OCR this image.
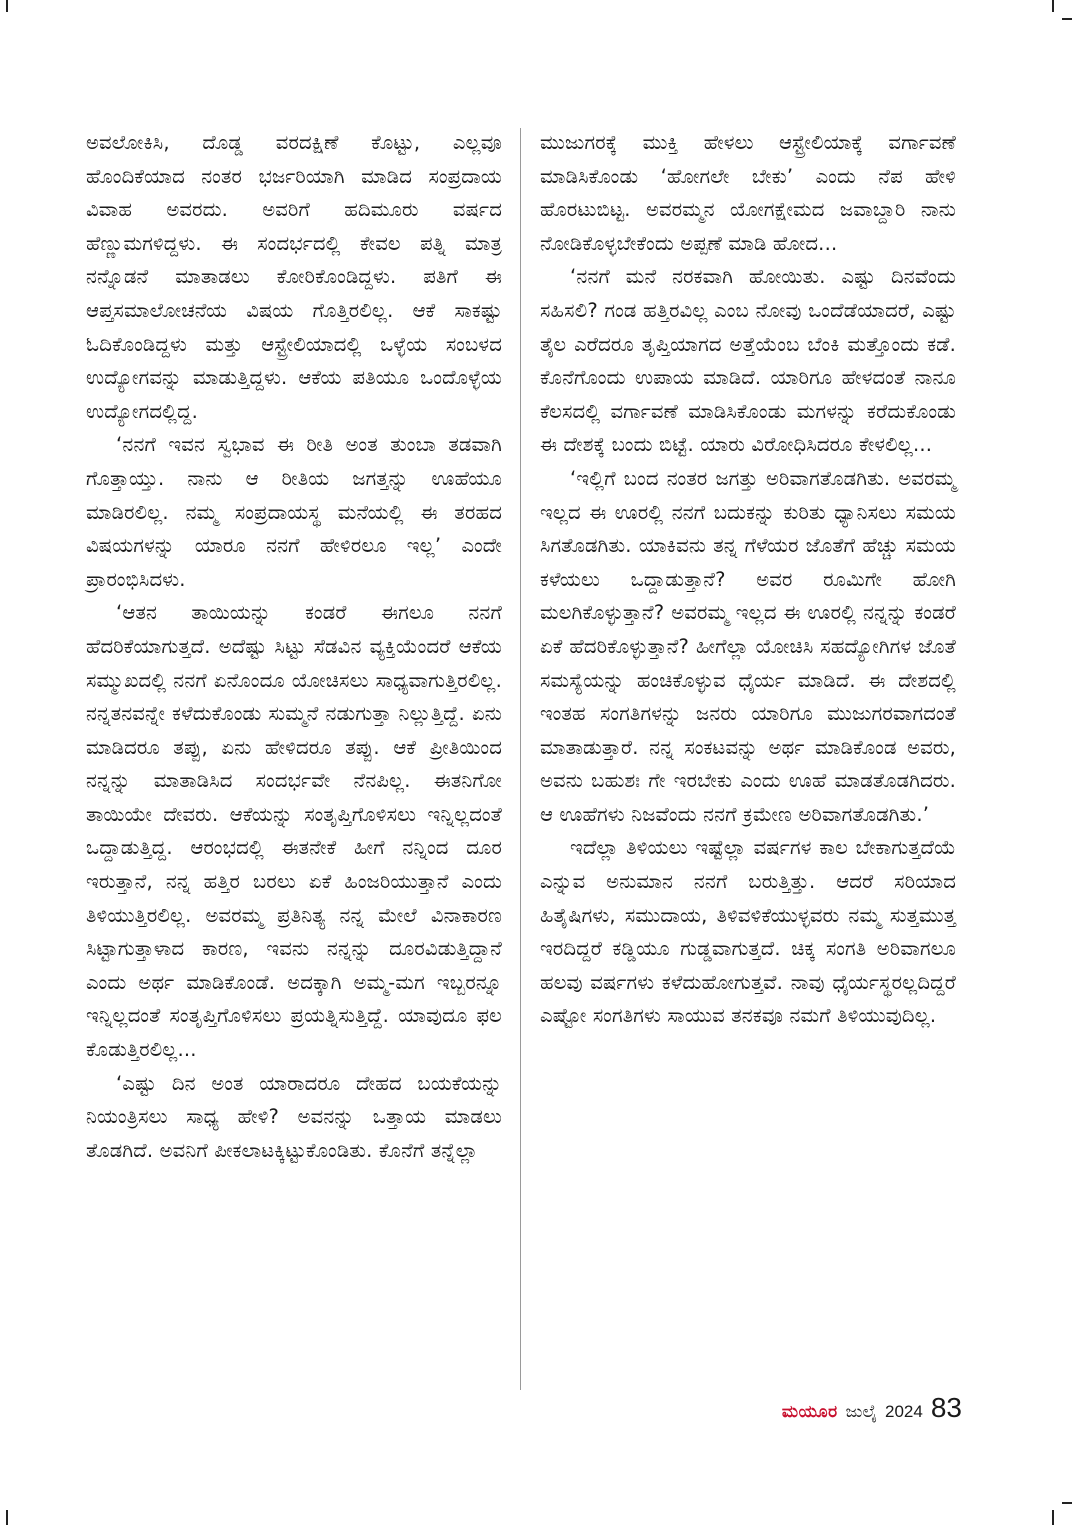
ಅವಲೋಕಿಸಿ, ದೊಡ್ಡ ವರದಕ್ಷಿಣೆ ಕೊಟ್ಟು, ಎಲ್ಲವೂ ಹೊಂದಿಕೆಯಾದ ನಂತರ ಭರ್ಜರಿಯಾಗಿ ಮಾಡಿದ ಸಂಪ್ರದಾಯ ವಿವಾಹ ಅವರದು. ಅವರಿಗೆ ಹದಿಮೂರು ವರ್ಷದ ಹೆಣ್ಣುಮಗಳಿದ್ದಳು. ಈ ಸಂದರ್ಭದಲ್ಲಿ ಕೇವಲ ಪತ್ನಿ ಮಾತ್ರ ನನ್ನೊಡನೆ ಮಾತಾಡಲು ಕೋರಿಕೊಂಡಿದ್ದಳು. ಪತಿಗೆ ಈ ಆಪ್ತಸಮಾಲೋಚನೆಯ ವಿಷಯ ಗೊತ್ತಿರಲಿಲ್ಲ. ಆಕೆ ಸಾಕಷ್ಟು ಓದಿಕೊಂಡಿದ್ದಳು ಮತ್ತು ಆಸ್ಟ್ರೇಲಿಯಾದಲ್ಲಿ ಒಳ್ಳೆಯ ಸಂಬಳದ ಉದ್ಯೋಗವನ್ನು ಮಾಡುತ್ತಿದ್ದಳು. ಆಕೆಯ ಪತಿಯೂ ಒಂದೊಳ್ಳೆಯ ಉದ್ಯೋಗದಲ್ಲಿದ್ದ.

‘ನನಗೆ ಇವನ ಸ್ವಭಾವ ಈ ರೀತಿ ಅಂತ ತುಂಬಾ ತಡವಾಗಿ ಗೊತ್ತಾಯ್ತು. ನಾನು ಆ ರೀತಿಯ ಜಗತ್ತನ್ನು ಊಹೆಯೂ ಮಾಡಿರಲಿಲ್ಲ. ನಮ್ಮ ಸಂಪ್ರದಾಯಸ್ಥ ಮನೆಯಲ್ಲಿ ಈ ತರಹದ ವಿಷಯಗಳನ್ನು ಯಾರೂ ನನಗೆ ಹೇಳಿರಲೂ ಇಲ್ಲ’ ಎಂದೇ ಪ್ರಾರಂಭಿಸಿದಳು.

‘ಆತನ ತಾಯಿಯನ್ನು ಕಂಡರೆ ಈಗಲೂ ನನಗೆ ಹೆದರಿಕೆಯಾಗುತ್ತದೆ. ಅದೆಷ್ಟು ಸಿಟ್ಟು ಸೆಡವಿನ ವ್ಯಕ್ತಿಯೆಂದರೆ ಆಕೆಯ ಸಮ್ಮುಖದಲ್ಲಿ ನನಗೆ ಏನೊಂದೂ ಯೋಚಿಸಲು ಸಾಧ್ಯವಾಗುತ್ತಿರಲಿಲ್ಲ. ನನ್ನತನವನ್ನೇ ಕಳೆದುಕೊಂಡು ಸುಮ್ಮನೆ ನಡುಗುತ್ತಾ ನಿಲ್ಲುತ್ತಿದ್ದೆ. ಏನು ಮಾಡಿದರೂ ತಪ್ಪು, ಏನು ಹೇಳಿದರೂ ತಪ್ಪು. ಆಕೆ ಪ್ರೀತಿಯಿಂದ ನನ್ನನ್ನು ಮಾತಾಡಿಸಿದ ಸಂದರ್ಭವೇ ನೆನಪಿಲ್ಲ. ಈತನಿಗೋ ತಾಯಿಯೇ ದೇವರು. ಆಕೆಯನ್ನು ಸಂತೃಪ್ತಿಗೊಳಿಸಲು ಇನ್ನಿಲ್ಲದಂತೆ ಒದ್ದಾಡುತ್ತಿದ್ದ. ಆರಂಭದಲ್ಲಿ ಈತನೇಕೆ ಹೀಗೆ ನನ್ನಿಂದ ದೂರ ಇರುತ್ತಾನೆ, ನನ್ನ ಹತ್ತಿರ ಬರಲು ಏಕೆ ಹಿಂಜರಿಯುತ್ತಾನೆ ಎಂದು ತಿಳಿಯುತ್ತಿರಲಿಲ್ಲ. ಅವರಮ್ಮ ಪ್ರತಿನಿತ್ಯ ನನ್ನ ಮೇಲೆ ವಿನಾಕಾರಣ ಸಿಟ್ಟಾಗುತ್ತಾಳಾದ ಕಾರಣ, ಇವನು ನನ್ನನ್ನು ದೂರವಿಡುತ್ತಿದ್ದಾನೆ ಎಂದು ಅರ್ಥ ಮಾಡಿಕೊಂಡೆ. ಅದಕ್ಕಾಗಿ ಅಮ್ಮ-ಮಗ ಇಬ್ಬರನ್ನೂ ಇನ್ನಿಲ್ಲದಂತೆ ಸಂತೃಪ್ತಿಗೊಳಿಸಲು ಪ್ರಯತ್ನಿಸುತ್ತಿದ್ದೆ. ಯಾವುದೂ ಫಲ ಕೊಡುತ್ತಿರಲಿಲ್ಲ...

‘ಎಷ್ಟು ದಿನ ಅಂತ ಯಾರಾದರೂ ದೇಹದ ಬಯಕೆಯನ್ನು ನಿಯಂತ್ರಿಸಲು ಸಾಧ್ಯ ಹೇಳಿ? ಅವನನ್ನು ಒತ್ತಾಯ ಮಾಡಲು ತೊಡಗಿದೆ. ಅವನಿಗೆ ಪೀಕಲಾಟಕ್ಕಿಟ್ಟುಕೊಂಡಿತು. ಕೊನೆಗೆ ತನ್ನೆಲ್ಲಾ

ಮುಜುಗರಕ್ಕೆ ಮುಕ್ತಿ ಹೇಳಲು ಆಸ್ಟ್ರೇಲಿಯಾಕ್ಕೆ ವರ್ಗಾವಣೆ ಮಾಡಿಸಿಕೊಂಡು ‘ಹೋಗಲೇ ಬೇಕು’ ಎಂದು ನೆಪ ಹೇಳಿ ಹೊರಟುಬಿಟ್ಟ. ಅವರಮ್ಮನ ಯೋಗಕ್ಷೇಮದ ಜವಾಬ್ದಾರಿ ನಾನು ನೋಡಿಕೊಳ್ಳಬೇಕೆಂದು ಅಪ್ಪಣೆ ಮಾಡಿ ಹೋದ...

‘ನನಗೆ ಮನೆ ನರಕವಾಗಿ ಹೋಯಿತು. ಎಷ್ಟು ದಿನವೆಂದು ಸಹಿಸಲಿ? ಗಂಡ ಹತ್ತಿರವಿಲ್ಲ ಎಂಬ ನೋವು ಒಂದೆಡೆಯಾದರೆ, ಎಷ್ಟು ತೈಲ ಎರೆದರೂ ತೃಪ್ತಿಯಾಗದ ಅತ್ತೆಯೆಂಬ ಬೆಂಕಿ ಮತ್ತೊಂದು ಕಡೆ. ಕೊನೆಗೊಂದು ಉಪಾಯ ಮಾಡಿದೆ. ಯಾರಿಗೂ ಹೇಳದಂತೆ ನಾನೂ ಕೆಲಸದಲ್ಲಿ ವರ್ಗಾವಣೆ ಮಾಡಿಸಿಕೊಂಡು ಮಗಳನ್ನು ಕರೆದುಕೊಂಡು ಈ ದೇಶಕ್ಕೆ ಬಂದು ಬಿಟ್ಟೆ. ಯಾರು ವಿರೋಧಿಸಿದರೂ ಕೇಳಲಿಲ್ಲ...

‘ಇಲ್ಲಿಗೆ ಬಂದ ನಂತರ ಜಗತ್ತು ಅರಿವಾಗತೊಡಗಿತು. ಅವರಮ್ಮ ಇಲ್ಲದ ಈ ಊರಲ್ಲಿ ನನಗೆ ಬದುಕನ್ನು ಕುರಿತು ಧ್ಯಾನಿಸಲು ಸಮಯ ಸಿಗತೊಡಗಿತು. ಯಾಕಿವನು ತನ್ನ ಗೆಳೆಯರ ಜೊತೆಗೆ ಹೆಚ್ಚು ಸಮಯ ಕಳೆಯಲು ಒದ್ದಾಡುತ್ತಾನೆ? ಅವರ ರೂಮಿಗೇ ಹೋಗಿ ಮಲಗಿಕೊಳ್ಳುತ್ತಾನೆ? ಅವರಮ್ಮ ಇಲ್ಲದ ಈ ಊರಲ್ಲಿ ನನ್ನನ್ನು ಕಂಡರೆ ಏಕೆ ಹೆದರಿಕೊಳ್ಳುತ್ತಾನೆ? ಹೀಗೆಲ್ಲಾ ಯೋಚಿಸಿ ಸಹದ್ಯೋಗಿಗಳ ಜೊತೆ ಸಮಸ್ಯೆಯನ್ನು ಹಂಚಿಕೊಳ್ಳುವ ಧೈರ್ಯ ಮಾಡಿದೆ. ಈ ದೇಶದಲ್ಲಿ ಇಂತಹ ಸಂಗತಿಗಳನ್ನು ಜನರು ಯಾರಿಗೂ ಮುಜುಗರವಾಗದಂತೆ ಮಾತಾಡುತ್ತಾರೆ. ನನ್ನ ಸಂಕಟವನ್ನು ಅರ್ಥ ಮಾಡಿಕೊಂಡ ಅವರು, ಅವನು ಬಹುಶಃ ಗೇ ಇರಬೇಕು ಎಂದು ಊಹೆ ಮಾಡತೊಡಗಿದರು. ಆ ಊಹೆಗಳು ನಿಜವೆಂದು ನನಗೆ ಕ್ರಮೇಣ ಅರಿವಾಗತೊಡಗಿತು.’

ಇದೆಲ್ಲಾ ತಿಳಿಯಲು ಇಷ್ಟೆಲ್ಲಾ ವರ್ಷಗಳ ಕಾಲ ಬೇಕಾಗುತ್ತದೆಯೆ ಎನ್ನುವ ಅನುಮಾನ ನನಗೆ ಬರುತ್ತಿತ್ತು. ಆದರೆ ಸರಿಯಾದ ಹಿತೈಷಿಗಳು, ಸಮುದಾಯ, ತಿಳಿವಳಿಕೆಯುಳ್ಳವರು ನಮ್ಮ ಸುತ್ತಮುತ್ತ ಇರದಿದ್ದರೆ ಕಡ್ಡಿಯೂ ಗುಡ್ಡವಾಗುತ್ತದೆ. ಚಿಕ್ಕ ಸಂಗತಿ ಅರಿವಾಗಲೂ ಹಲವು ವರ್ಷಗಳು ಕಳೆದುಹೋಗುತ್ತವೆ. ನಾವು ಧೈರ್ಯಸ್ಥರಲ್ಲದಿದ್ದರೆ ಎಷ್ಟೋ ಸಂಗತಿಗಳು ಸಾಯುವ ತನಕವೂ ನಮಗೆ ತಿಳಿಯುವುದಿಲ್ಲ.

ಮಯೂರ ಜುಲೈ 2024 83
